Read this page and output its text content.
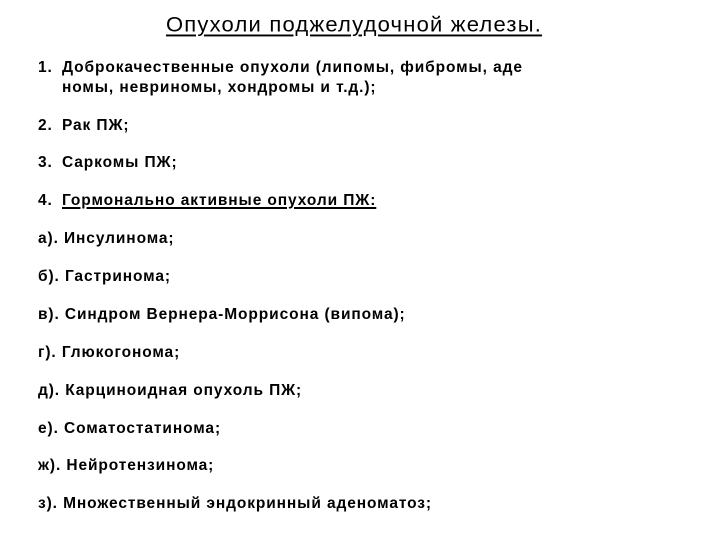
Опухоли поджелудочной железы.
1. Доброкачественные опухоли (липомы, фибромы, аде
номы, невриномы, хондромы и т.д.);
2. Рак ПЖ;
3. Саркомы ПЖ;
4. Гормонально активные опухоли ПЖ:
а). Инсулинома;
б). Гастринома;
в). Синдром Вернера-Моррисона (випома);
г). Глюкогонома;
д). Карциноидная опухоль ПЖ;
е). Соматостатинома;
ж). Нейротензинома;
з). Множественный эндокринный аденоматоз;
